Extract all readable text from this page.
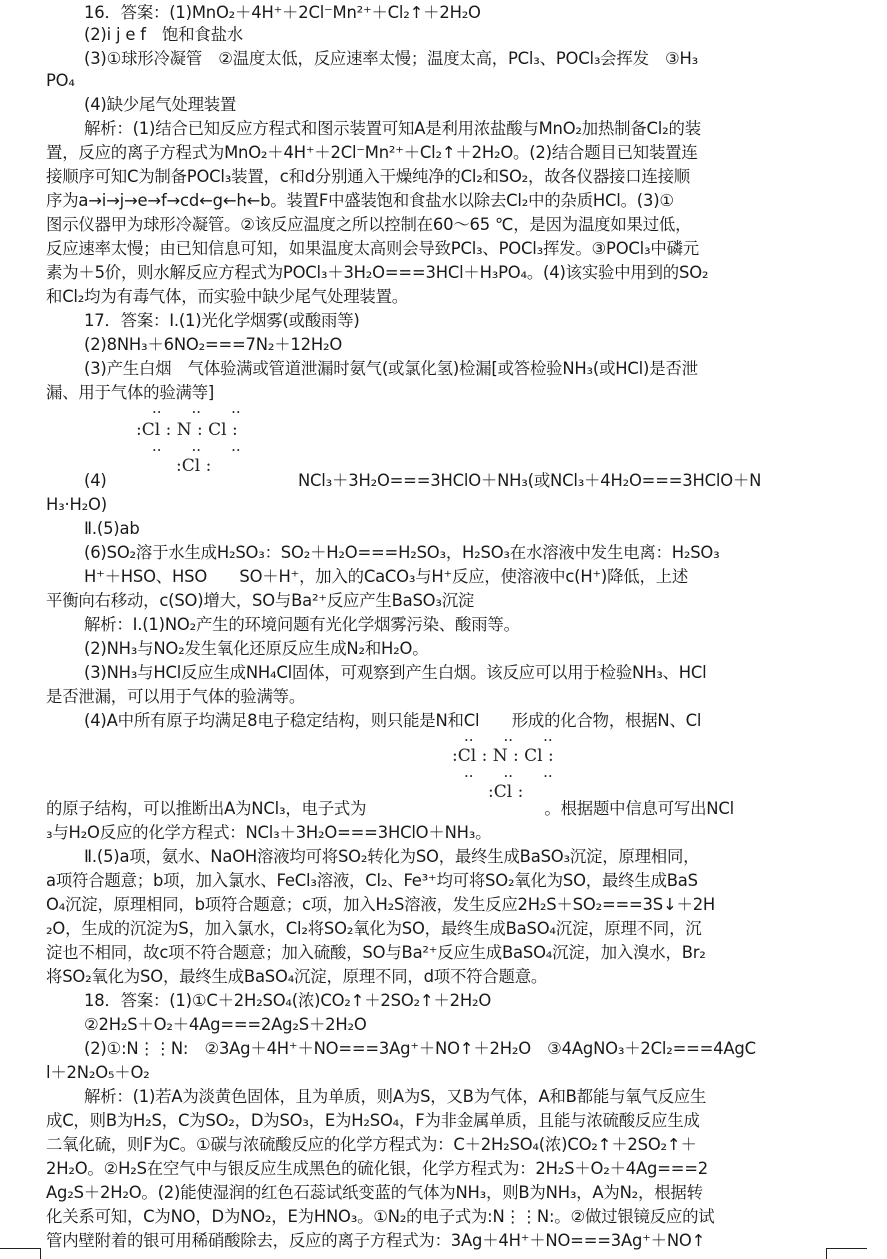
16．答案：(1)MnO₂＋4H⁺＋2Cl⁻Mn²⁺＋Cl₂↑＋2H₂O
(2)i j e f　饱和食盐水
(3)①球形冷凝管　②温度太低，反应速率太慢；温度太高，PCl₃、POCl₃会挥发　③H₃
PO₄
(4)缺少尾气处理装置
解析：(1)结合已知反应方程式和图示装置可知A是利用浓盐酸与MnO₂加热制备Cl₂的装
置，反应的离子方程式为MnO₂＋4H⁺＋2Cl⁻Mn²⁺＋Cl₂↑＋2H₂O。(2)结合题目已知装置连
接顺序可知C为制备POCl₃装置，c和d分别通入干燥纯净的Cl₂和SO₂，故各仪器接口连接顺
序为a→i→j→e→f→cd←g←h←b。装置F中盛装饱和食盐水以除去Cl₂中的杂质HCl。(3)①
图示仪器甲为球形冷凝管。②该反应温度之所以控制在60～65 ℃，是因为温度如果过低，
反应速率太慢；由已知信息可知，如果温度太高则会导致PCl₃、POCl₃挥发。③POCl₃中磷元
素为＋5价，则水解反应方程式为POCl₃＋3H₂O===3HCl＋H₃PO₄。(4)该实验中用到的SO₂
和Cl₂均为有毒气体，而实验中缺少尾气处理装置。
17．答案：Ⅰ.(1)光化学烟雾(或酸雨等)
(2)8NH₃＋6NO₂===7N₂＋12H₂O
(3)产生白烟　气体验满或管道泄漏时氨气(或氯化氢)检漏[或答检验NH₃(或HCl)是否泄
漏、用于气体的验满等]
(4)	NCl₃＋3H₂O===3HClO＋NH₃(或NCl₃＋4H₂O===3HClO＋N
H₃·H₂O)
Ⅱ.(5)ab
(6)SO₂溶于水生成H₂SO₃：SO₂＋H₂O===H₂SO₃，H₂SO₃在水溶液中发生电离：H₂SO₃
H⁺＋HSO、HSO　　SO＋H⁺，加入的CaCO₃与H⁺反应，使溶液中c(H⁺)降低，上述
平衡向右移动，c(SO)增大，SO与Ba²⁺反应产生BaSO₃沉淀
解析：Ⅰ.(1)NO₂产生的环境问题有光化学烟雾污染、酸雨等。
(2)NH₃与NO₂发生氧化还原反应生成N₂和H₂O。
(3)NH₃与HCl反应生成NH₄Cl固体，可观察到产生白烟。该反应可以用于检验NH₃、HCl
是否泄漏，可以用于气体的验满等。
(4)A中所有原子均满足8电子稳定结构，则只能是N和Cl　　形成的化合物，根据N、Cl
的原子结构，可以推断出A为NCl₃，电子式为　　　　　　　　　　　。根据题中信息可写出NCl
₃与H₂O反应的化学方程式：NCl₃＋3H₂O===3HClO＋NH₃。
Ⅱ.(5)a项，氨水、NaOH溶液均可将SO₂转化为SO，最终生成BaSO₃沉淀，原理相同，
a项符合题意；b项，加入氯水、FeCl₃溶液，Cl₂、Fe³⁺均可将SO₂氧化为SO，最终生成BaS
O₄沉淀，原理相同，b项符合题意；c项，加入H₂S溶液，发生反应2H₂S＋SO₂===3S↓＋2H
₂O，生成的沉淀为S，加入氯水，Cl₂将SO₂氧化为SO，最终生成BaSO₄沉淀，原理不同，沉
淀也不相同，故c项不符合题意；加入硫酸，SO与Ba²⁺反应生成BaSO₄沉淀，加入溴水，Br₂
将SO₂氧化为SO，最终生成BaSO₄沉淀，原理不同，d项不符合题意。
18．答案：(1)①C＋2H₂SO₄(浓)CO₂↑＋2SO₂↑＋2H₂O
②2H₂S＋O₂＋4Ag===2Ag₂S＋2H₂O
(2)①:N⋮⋮N:　②3Ag＋4H⁺＋NO===3Ag⁺＋NO↑＋2H₂O　③4AgNO₃＋2Cl₂===4AgC
l＋2N₂O₅＋O₂
解析：(1)若A为淡黄色固体，且为单质，则A为S，又B为气体，A和B都能与氧气反应生
成C，则B为H₂S，C为SO₂，D为SO₃，E为H₂SO₄，F为非金属单质，且能与浓硫酸反应生成
二氧化硫，则F为C。①碳与浓硫酸反应的化学方程式为：C＋2H₂SO₄(浓)CO₂↑＋2SO₂↑＋
2H₂O。②H₂S在空气中与银反应生成黑色的硫化银，化学方程式为：2H₂S＋O₂＋4Ag===2
Ag₂S＋2H₂O。(2)能使湿润的红色石蕊试纸变蓝的气体为NH₃，则B为NH₃，A为N₂，根据转
化关系可知，C为NO，D为NO₂，E为HNO₃。①N₂的电子式为:N⋮⋮N:。②做过银镜反应的试
管内壁附着的银可用稀硝酸除去，反应的离子方程式为：3Ag＋4H⁺＋NO===3Ag⁺＋NO↑
··　　··　　··
:Cl : N : Cl :
··　　··　　··
:Cl :
··　　··　　··
:Cl : N : Cl :
··　　··　　··
:Cl :
